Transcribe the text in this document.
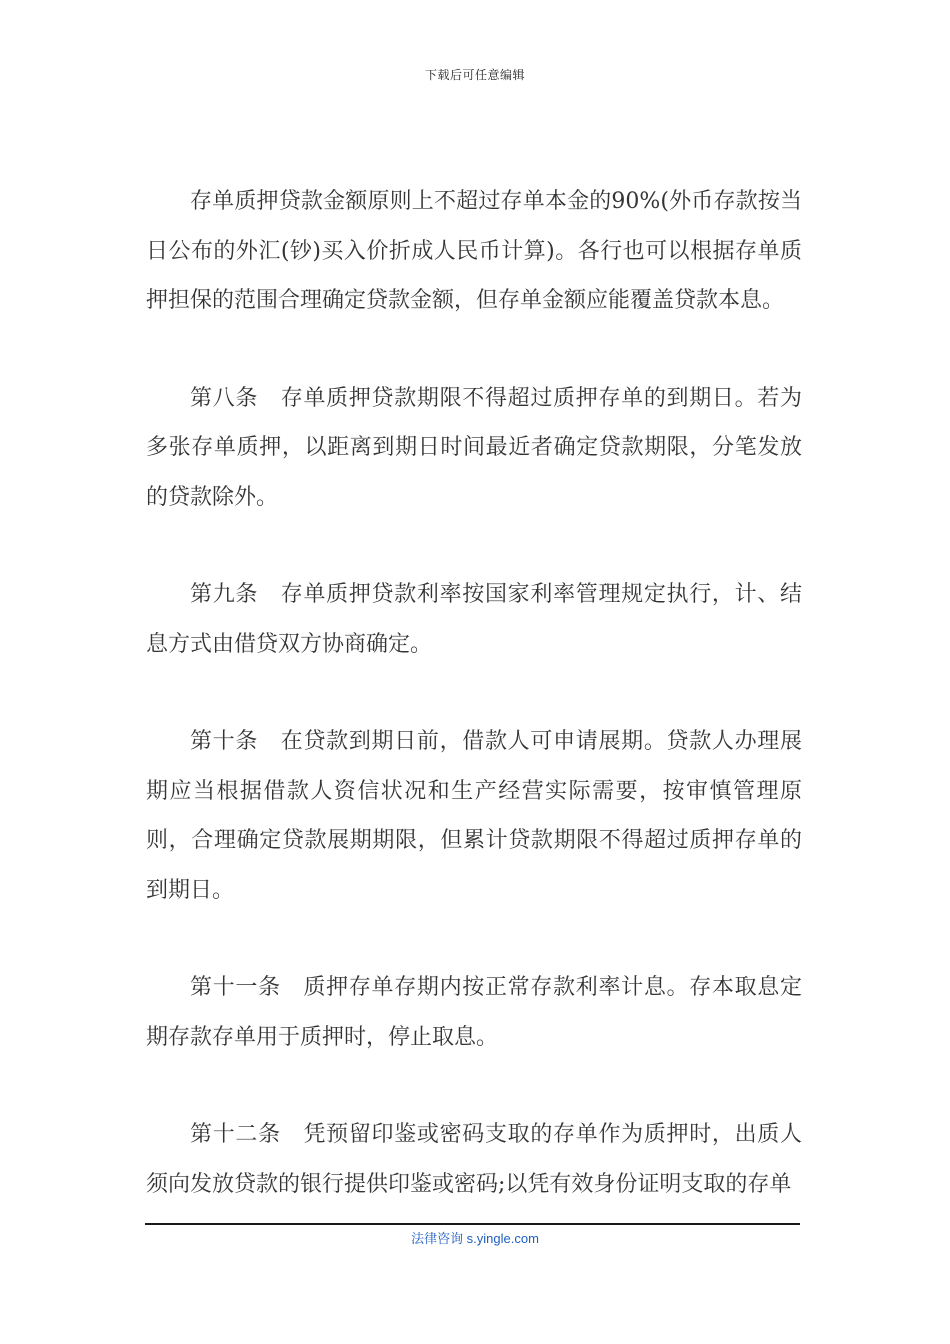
下载后可任意编辑

存单质押贷款金额原则上不超过存单本金的90%(外币存款按当日公布的外汇(钞)买入价折成人民币计算)。各行也可以根据存单质押担保的范围合理确定贷款金额，但存单金额应能覆盖贷款本息。

第八条 存单质押贷款期限不得超过质押存单的到期日。若为多张存单质押，以距离到期日时间最近者确定贷款期限，分笔发放的贷款除外。

第九条 存单质押贷款利率按国家利率管理规定执行，计、结息方式由借贷双方协商确定。

第十条 在贷款到期日前，借款人可申请展期。贷款人办理展期应当根据借款人资信状况和生产经营实际需要，按审慎管理原则，合理确定贷款展期期限，但累计贷款期限不得超过质押存单的到期日。

第十一条 质押存单存期内按正常存款利率计息。存本取息定期存款存单用于质押时，停止取息。

第十二条 凭预留印鉴或密码支取的存单作为质押时，出质人须向发放贷款的银行提供印鉴或密码;以凭有效身份证明支取的存单

法律咨询 s.yingle.com
